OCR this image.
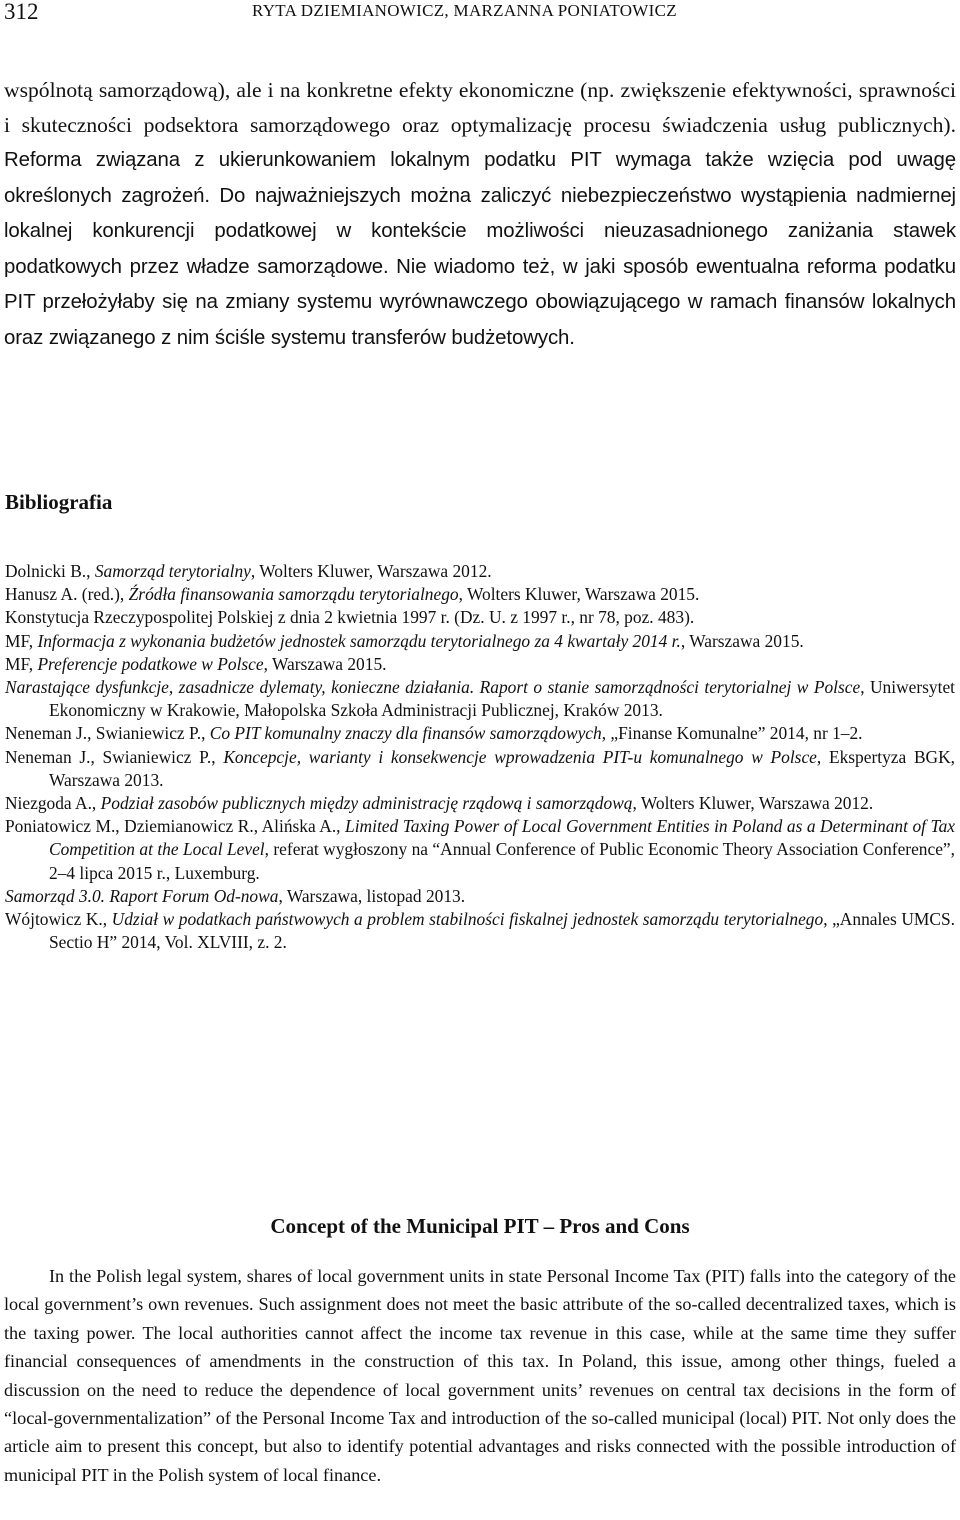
312	RYTA DZIEMIANOWICZ, MARZANNA PONIATOWICZ

wspólnotą samorządową), ale i na konkretne efekty ekonomiczne (np. zwiększenie efektywności, sprawności i skuteczności podsektora samorządowego oraz optymalizację procesu świadczenia usług publicznych). Reforma związana z ukierunkowaniem lokalnym podatku PIT wymaga także wzięcia pod uwagę określonych zagrożeń. Do najważniejszych można zaliczyć niebezpieczeństwo wystąpienia nadmiernej lokalnej konkurencji podatkowej w kontekście możliwości nieuzasadnionego zaniżania stawek podatkowych przez władze samorządowe. Nie wiadomo też, w jaki sposób ewentualna reforma podatku PIT przełożyłaby się na zmiany systemu wyrównawczego obowiązującego w ramach finansów lokalnych oraz związanego z nim ściśle systemu transferów budżetowych.

Bibliografia
Dolnicki B., Samorząd terytorialny, Wolters Kluwer, Warszawa 2012.
Hanusz A. (red.), Źródła finansowania samorządu terytorialnego, Wolters Kluwer, Warszawa 2015.
Konstytucja Rzeczypospolitej Polskiej z dnia 2 kwietnia 1997 r. (Dz. U. z 1997 r., nr 78, poz. 483).
MF, Informacja z wykonania budżetów jednostek samorządu terytorialnego za 4 kwartały 2014 r., Warszawa 2015.
MF, Preferencje podatkowe w Polsce, Warszawa 2015.
Narastające dysfunkcje, zasadnicze dylematy, konieczne działania. Raport o stanie samorządności terytorialnej w Polsce, Uniwersytet Ekonomiczny w Krakowie, Małopolska Szkoła Administracji Publicznej, Kraków 2013.
Neneman J., Swianiewicz P., Co PIT komunalny znaczy dla finansów samorządowych, „Finanse Komunalne” 2014, nr 1–2.
Neneman J., Swianiewicz P., Koncepcje, warianty i konsekwencje wprowadzenia PIT-u komunalnego w Polsce, Ekspertyza BGK, Warszawa 2013.
Niezgoda A., Podział zasobów publicznych między administrację rządową i samorządową, Wolters Kluwer, Warszawa 2012.
Poniatowicz M., Dziemianowicz R., Alińska A., Limited Taxing Power of Local Government Entities in Poland as a Determinant of Tax Competition at the Local Level, referat wygłoszony na “Annual Conference of Public Economic Theory Association Conference”, 2–4 lipca 2015 r., Luxemburg.
Samorząd 3.0. Raport Forum Od-nowa, Warszawa, listopad 2013.
Wójtowicz K., Udział w podatkach państwowych a problem stabilności fiskalnej jednostek samorządu terytorialnego, „Annales UMCS. Sectio H” 2014, Vol. XLVIII, z. 2.
Concept of the Municipal PIT – Pros and Cons

In the Polish legal system, shares of local government units in state Personal Income Tax (PIT) falls into the category of the local government’s own revenues. Such assignment does not meet the basic attribute of the so-called decentralized taxes, which is the taxing power. The local authorities cannot affect the income tax revenue in this case, while at the same time they suffer financial consequences of amendments in the construction of this tax. In Poland, this issue, among other things, fueled a discussion on the need to reduce the dependence of local government units’ revenues on central tax decisions in the form of “local-governmentalization” of the Personal Income Tax and introduction of the so-called municipal (local) PIT. Not only does the article aim to present this concept, but also to identify potential advantages and risks connected with the possible introduction of municipal PIT in the Polish system of local finance.
